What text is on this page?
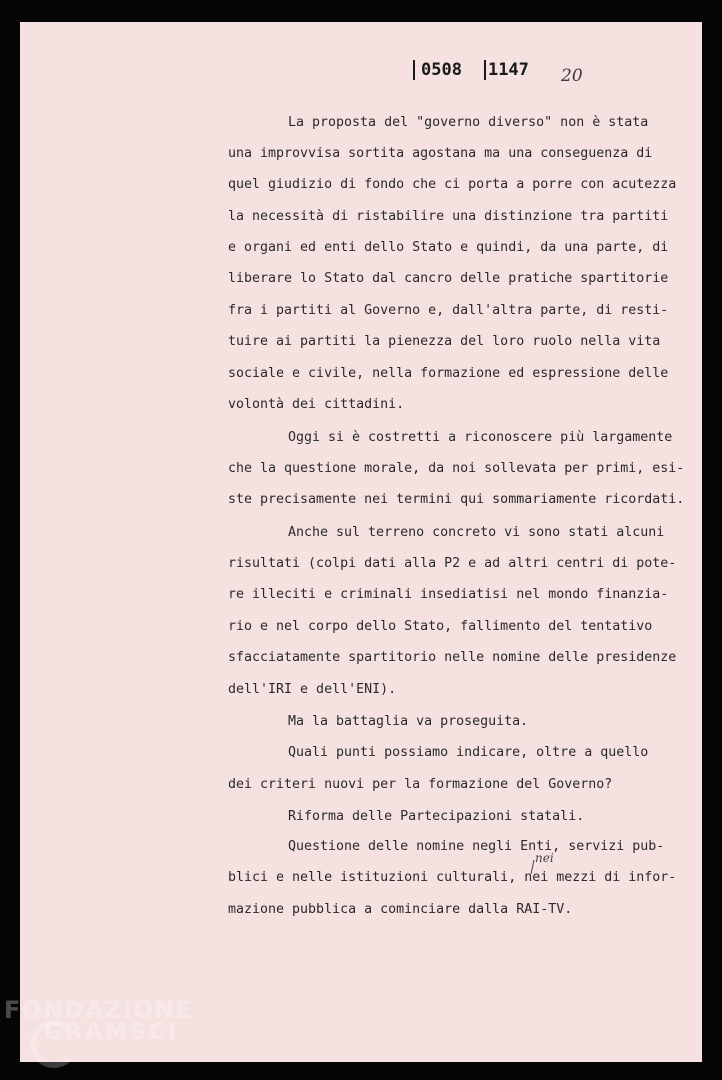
La proposta del "governo diverso" non è stata
una improvvisa sortita agostana ma una conseguenza di
quel giudizio di fondo che ci porta a porre con acutezza
la necessità di ristabilire una distinzione tra partiti
e organi ed enti dello Stato e quindi, da una parte, di
liberare lo Stato dal cancro delle pratiche spartitorie
fra i partiti al Governo e, dall'altra parte, di resti-
tuire ai partiti la pienezza del loro ruolo nella vita
sociale e civile, nella formazione ed espressione delle
volontà dei cittadini.
Oggi si è costretti a riconoscere più largamente
che la questione morale, da noi sollevata per primi, esi-
ste precisamente nei termini qui sommariamente ricordati.
Anche sul terreno concreto vi sono stati alcuni
risultati (colpi dati alla P2 e ad altri centri di pote-
re illeciti e criminali insediatisi nel mondo finanzia-
rio e nel corpo dello Stato, fallimento del tentativo
sfacciatamente spartitorio nelle nomine delle presidenze
dell'IRI e dell'ENI).
Ma la battaglia va proseguita.
Quali punti possiamo indicare, oltre a quello
dei criteri nuovi per la formazione del Governo?
Riforma delle Partecipazioni statali.
Questione delle nomine negli Enti, servizi pub-
blici e nelle istituzioni culturali, nei mezzi di infor-
mazione pubblica a cominciare dalla RAI-TV.
nei
0508 1147 20
FONDAZIONE
GRAMSCI
